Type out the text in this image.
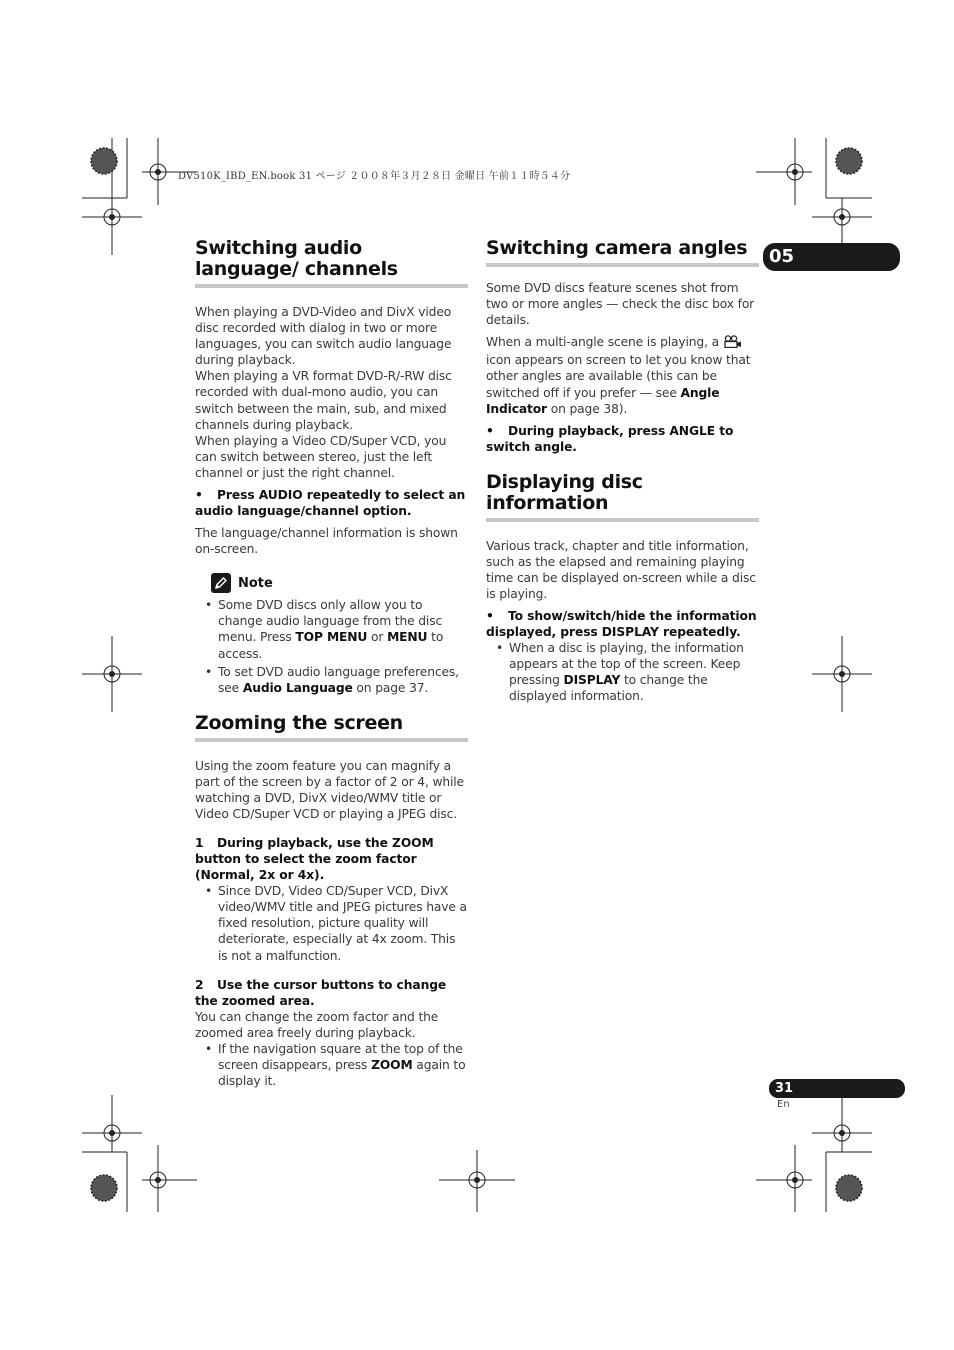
DV510K_IBD_EN.book 31 ページ ２００８年３月２８日 金曜日 午前１１時５４分
05
Switching audio language/ channels

When playing a DVD-Video and DivX video disc recorded with dialog in two or more languages, you can switch audio language during playback.

When playing a VR format DVD-R/-RW disc recorded with dual-mono audio, you can switch between the main, sub, and mixed channels during playback.

When playing a Video CD/Super VCD, you can switch between stereo, just the left channel or just the right channel.

• Press AUDIO repeatedly to select an audio language/channel option.

The language/channel information is shown on-screen.

Note
• Some DVD discs only allow you to change audio language from the disc menu. Press TOP MENU or MENU to access.
• To set DVD audio language preferences, see Audio Language on page 37.
Zooming the screen

Using the zoom feature you can magnify a part of the screen by a factor of 2 or 4, while watching a DVD, DivX video/WMV title or Video CD/Super VCD or playing a JPEG disc.

1 During playback, use the ZOOM button to select the zoom factor (Normal, 2x or 4x).

• Since DVD, Video CD/Super VCD, DivX video/WMV title and JPEG pictures have a fixed resolution, picture quality will deteriorate, especially at 4x zoom. This is not a malfunction.

2 Use the cursor buttons to change the zoomed area.

You can change the zoom factor and the zoomed area freely during playback.

• If the navigation square at the top of the screen disappears, press ZOOM again to display it.
Switching camera angles

Some DVD discs feature scenes shot from two or more angles — check the disc box for details.

When a multi-angle scene is playing, a  icon appears on screen to let you know that other angles are available (this can be switched off if you prefer — see Angle Indicator on page 38).

• During playback, press ANGLE to switch angle.

Displaying disc information

Various track, chapter and title information, such as the elapsed and remaining playing time can be displayed on-screen while a disc is playing.

• To show/switch/hide the information displayed, press DISPLAY repeatedly.

• When a disc is playing, the information appears at the top of the screen. Keep pressing DISPLAY to change the displayed information.
31
En
